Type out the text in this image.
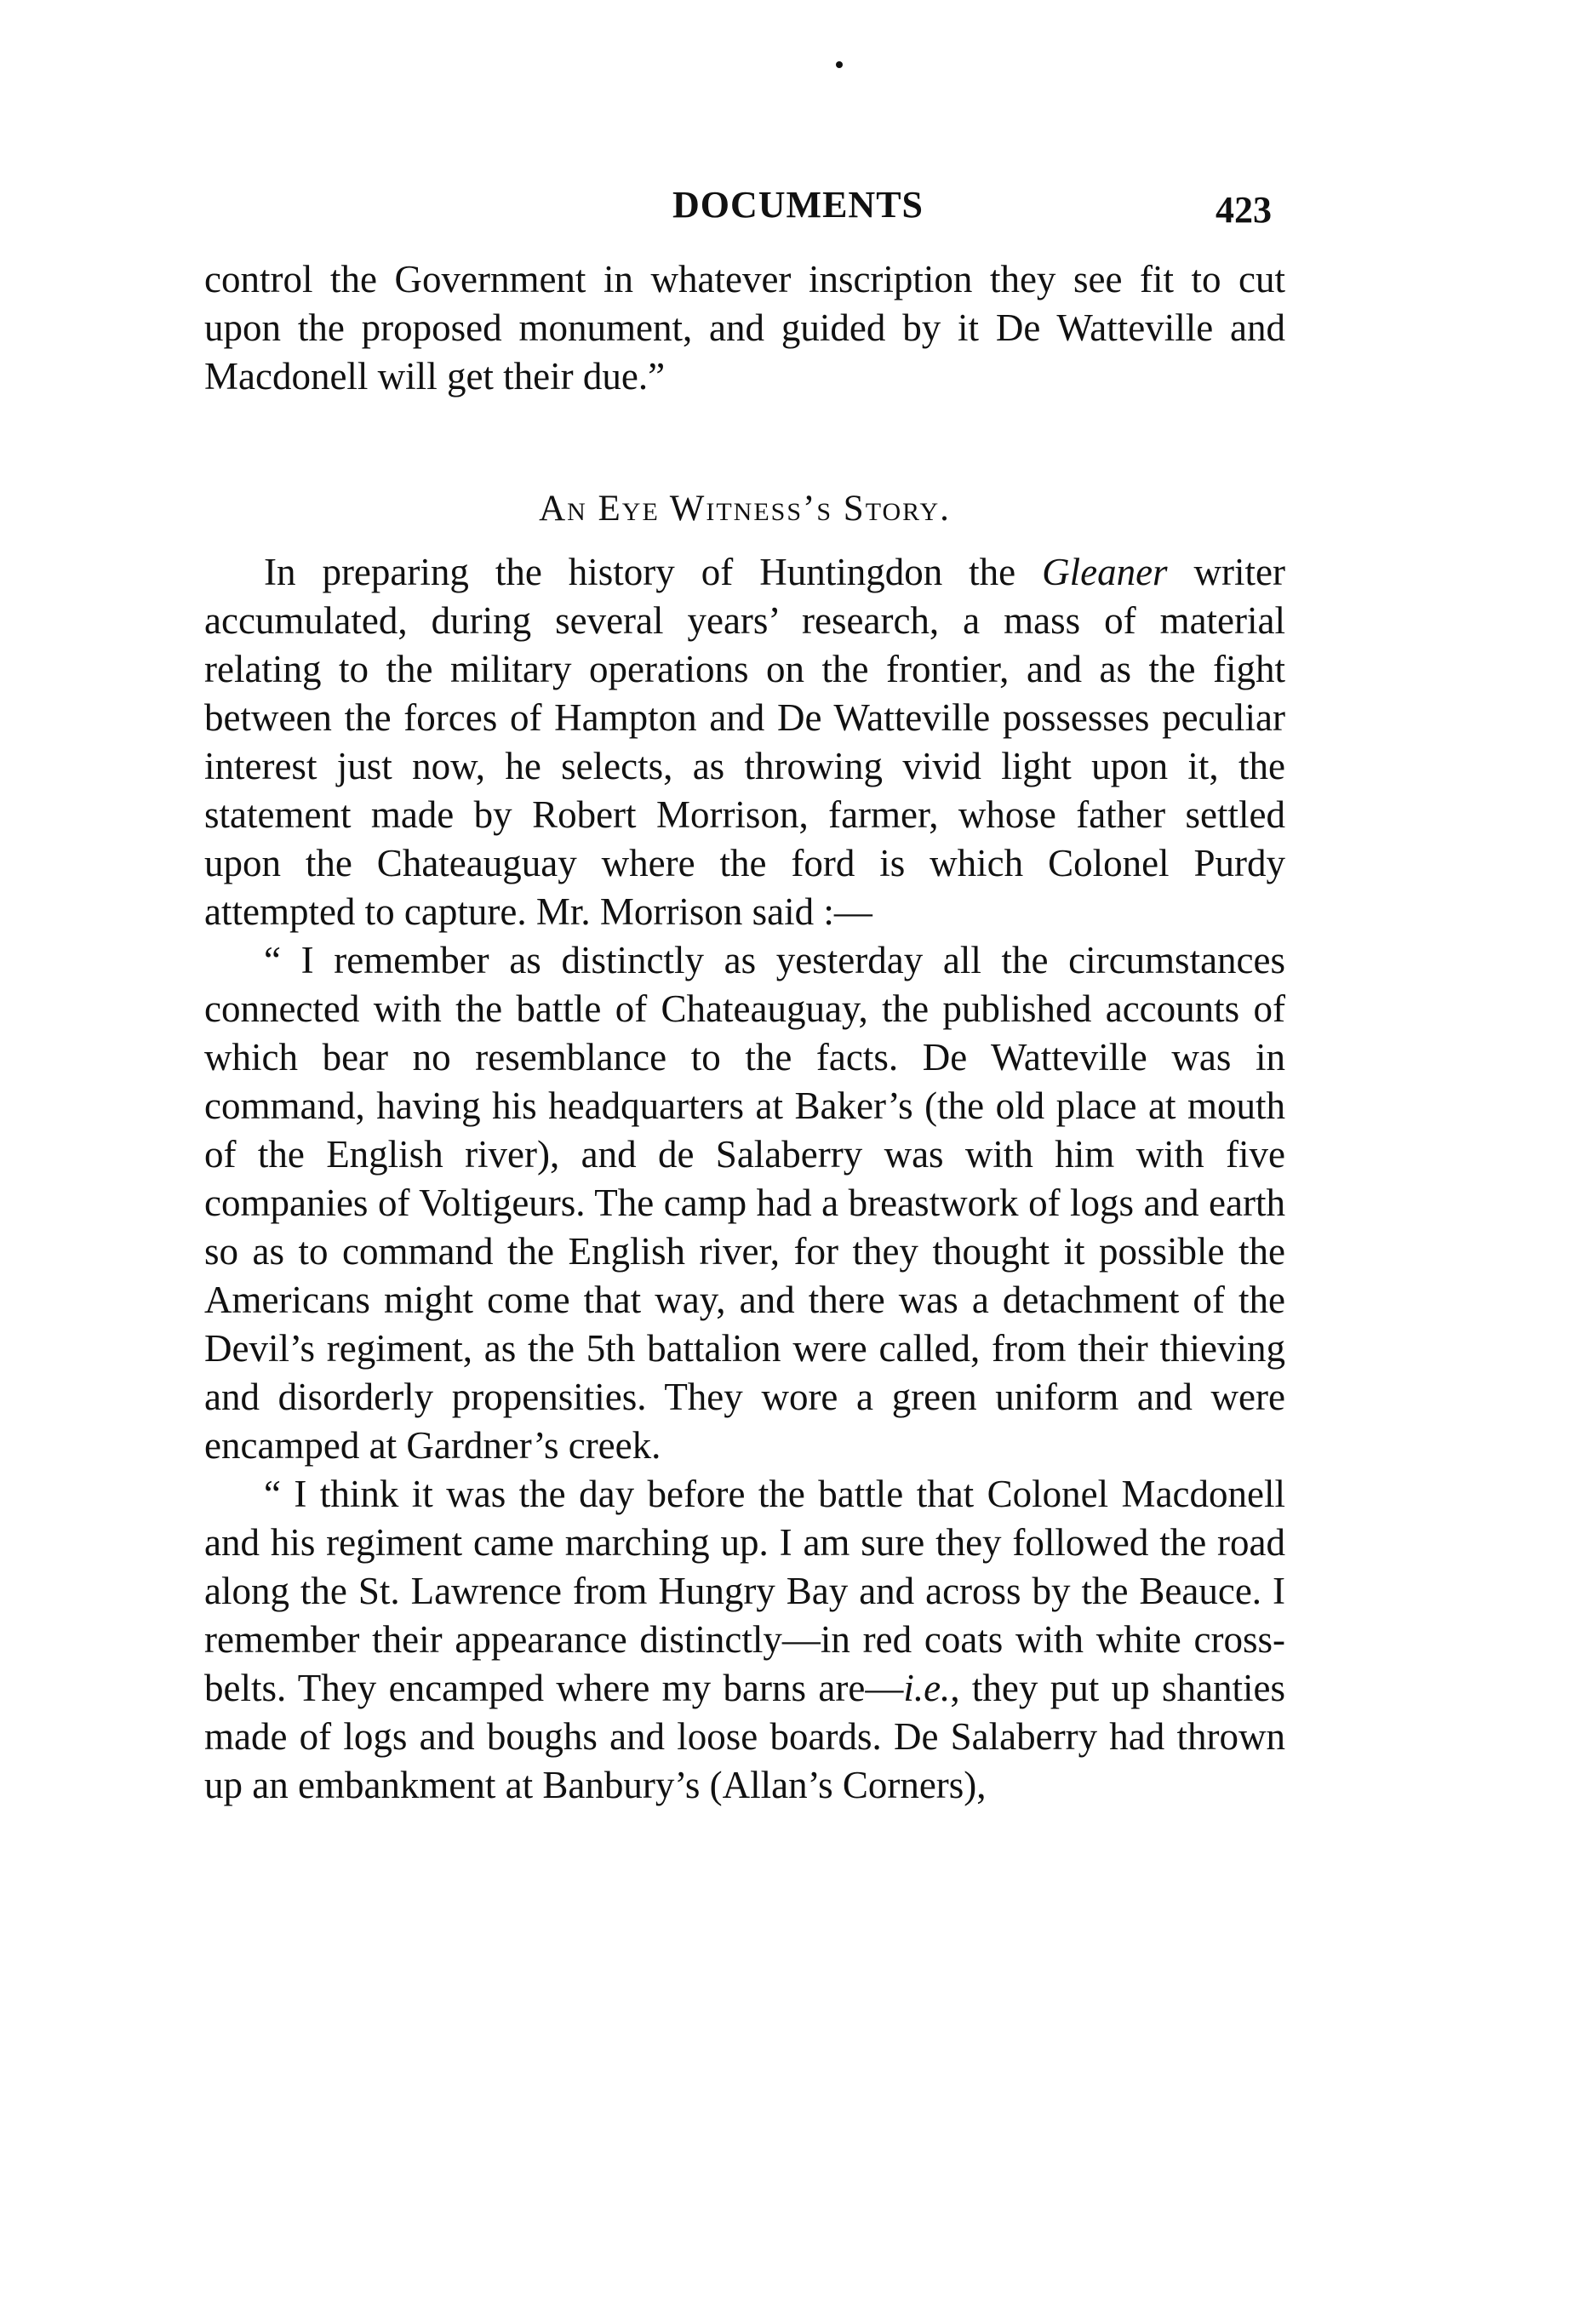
DOCUMENTS	423

control the Government in whatever inscription they see fit to cut upon the proposed monument, and guided by it De Watteville and Macdonell will get their due.”

An Eye Witness’s Story.

In preparing the history of Huntingdon the Gleaner writer accumulated, during several years’ research, a mass of material relating to the military operations on the frontier, and as the fight between the forces of Hampton and De Watteville possesses peculiar interest just now, he selects, as throwing vivid light upon it, the statement made by Robert Morrison, farmer, whose father settled upon the Chateauguay where the ford is which Colonel Purdy attempted to capture. Mr. Morrison said :—

“ I remember as distinctly as yesterday all the circumstances connected with the battle of Chateauguay, the published accounts of which bear no resemblance to the facts. De Watteville was in command, having his headquarters at Baker’s (the old place at mouth of the English river), and de Salaberry was with him with five companies of Voltigeurs. The camp had a breastwork of logs and earth so as to command the English river, for they thought it possible the Americans might come that way, and there was a detachment of the Devil’s regiment, as the 5th battalion were called, from their thieving and disorderly propensities. They wore a green uniform and were encamped at Gardner’s creek.

“ I think it was the day before the battle that Colonel Macdonell and his regiment came marching up. I am sure they followed the road along the St. Lawrence from Hungry Bay and across by the Beauce. I remember their appearance distinctly—in red coats with white cross-belts. They encamped where my barns are—i.e., they put up shanties made of logs and boughs and loose boards. De Salaberry had thrown up an embankment at Banbury’s (Allan’s Corners),
